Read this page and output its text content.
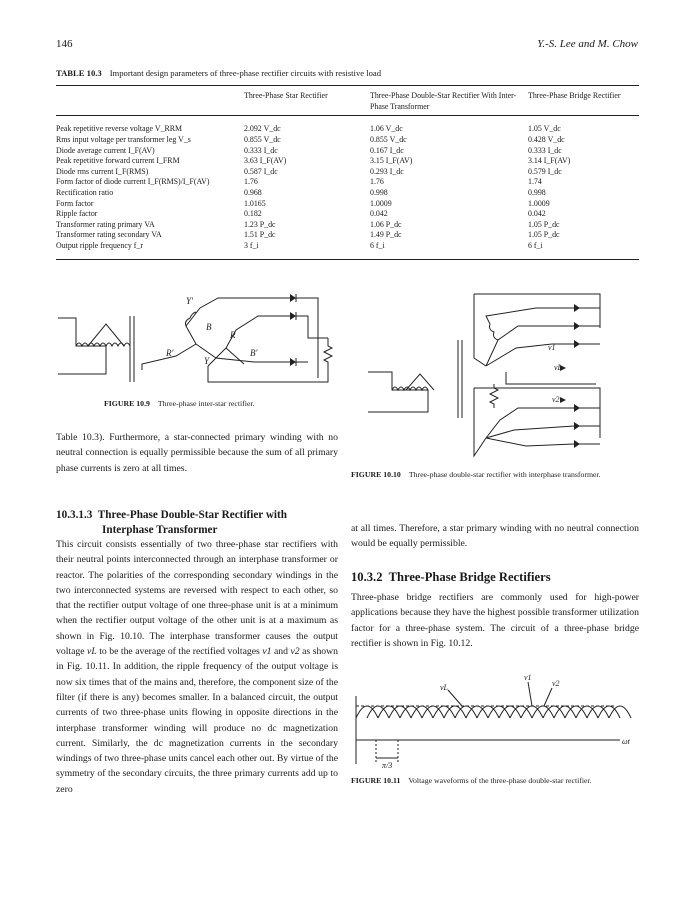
146	Y.-S. Lee and M. Chow
TABLE 10.3 Important design parameters of three-phase rectifier circuits with resistive load
	Three-Phase Star Rectifier	Three-Phase Double-Star Rectifier With Inter-Phase Transformer	Three-Phase Bridge Rectifier
Peak repetitive reverse voltage V_RRM	2.092 V_dc	1.06 V_dc	1.05 V_dc
Rms input voltage per transformer leg V_s	0.855 V_dc	0.855 V_dc	0.428 V_dc
Diode average current I_F(AV)	0.333 I_dc	0.167 I_dc	0.333 I_dc
Peak repetitive forward current I_FRM	3.63 I_F(AV)	3.15 I_F(AV)	3.14 I_F(AV)
Diode rms current I_F(RMS)	0.587 I_dc	0.293 I_dc	0.579 I_dc
Form factor of diode current I_F(RMS)/I_F(AV)	1.76	1.76	1.74
Rectification ratio	0.968	0.998	0.998
Form factor	1.0165	1.0009	1.0009
Ripple factor	0.182	0.042	0.042
Transformer rating primary VA	1.23 P_dc	1.06 P_dc	1.05 P_dc
Transformer rating secondary VA	1.51 P_dc	1.49 P_dc	1.05 P_dc
Output ripple frequency f_r	3 f_i	6 f_i	6 f_i
Y'
B
R
R'
Y
B'
FIGURE 10.9 Three-phase inter-star rectifier.
v1
vL
v2
FIGURE 10.10 Three-phase double-star rectifier with interphase transformer.
vL
v1
v2
ωt
π/3
FIGURE 10.11 Voltage waveforms of the three-phase double-star rectifier.
Table 10.3). Furthermore, a star-connected primary winding with no neutral connection is equally permissible because the sum of all primary phase currents is zero at all times.
10.3.1.3 Three-Phase Double-Star Rectifier with
Interphase Transformer
This circuit consists essentially of two three-phase star rectifiers with their neutral points interconnected through an interphase transformer or reactor. The polarities of the corresponding secondary windings in the two interconnected systems are reversed with respect to each other, so that the rectifier output voltage of one three-phase unit is at a minimum when the rectifier output voltage of the other unit is at a maximum as shown in Fig. 10.10. The interphase transformer causes the output voltage vL to be the average of the rectified voltages v1 and v2 as shown in Fig. 10.11. In addition, the ripple frequency of the output voltage is now six times that of the mains and, therefore, the component size of the filter (if there is any) becomes smaller. In a balanced circuit, the output currents of two three-phase units flowing in opposite directions in the interphase transformer winding will produce no dc magnetization current. Similarly, the dc magnetization currents in the secondary windings of two three-phase units cancel each other out. By virtue of the symmetry of the secondary circuits, the three primary currents add up to zero
at all times. Therefore, a star primary winding with no neutral connection would be equally permissible.
10.3.2 Three-Phase Bridge Rectifiers
Three-phase bridge rectifiers are commonly used for high-power applications because they have the highest possible transformer utilization factor for a three-phase system. The circuit of a three-phase bridge rectifier is shown in Fig. 10.12.
